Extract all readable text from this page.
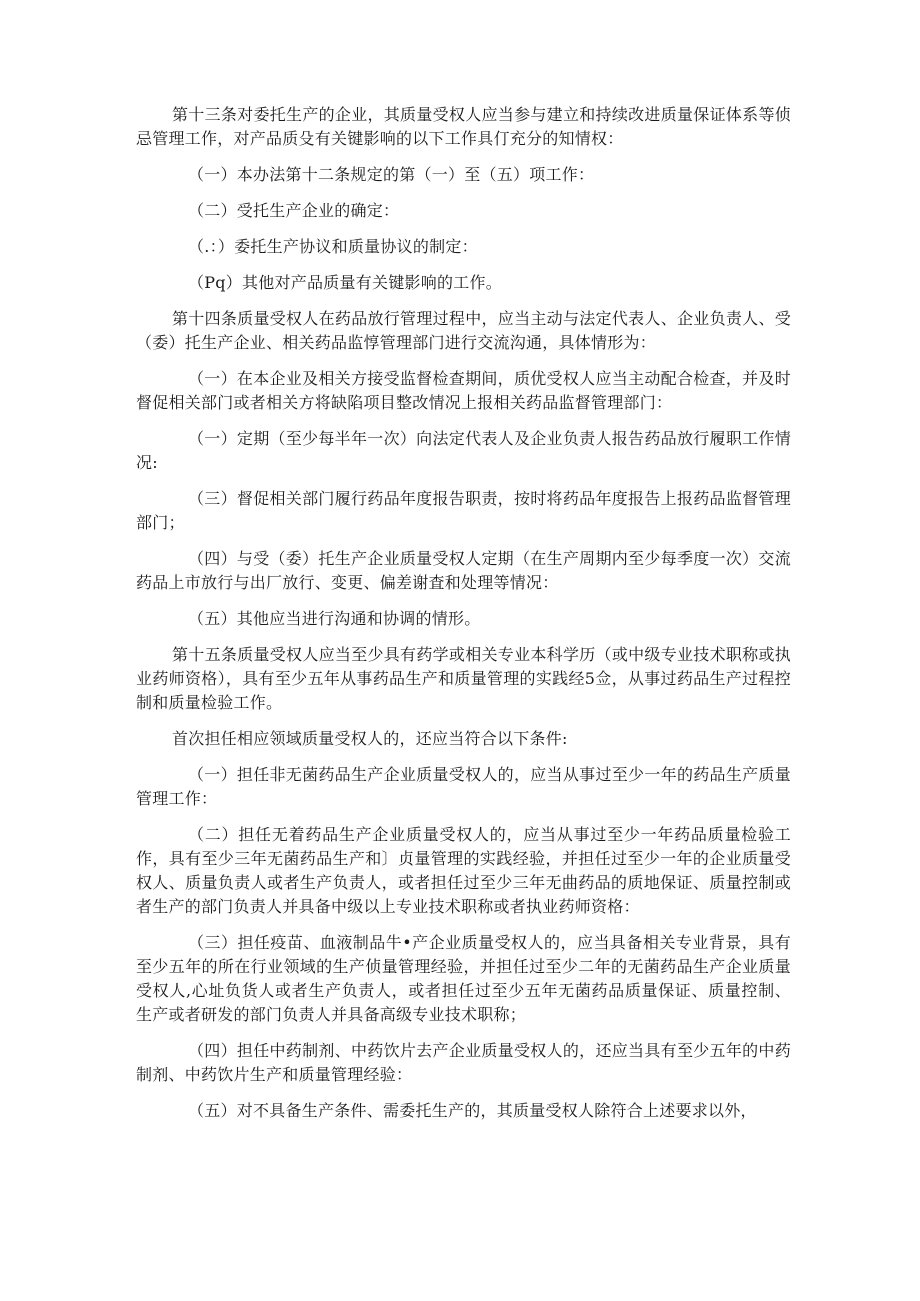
第十三条对委托生产的企业，其质量受权人应当参与建立和持续改进质量保证体系等侦忌管理工作，对产品质殳有关键影响的以下工作具仃充分的知情权：

（一）本办法第十二条规定的第（一）至（五）项工作：

（二）受托生产企业的确定：

（.：）委托生产协议和质量协议的制定：

（Pq）其他对产品质量有关键影响的工作。

第十四条质量受权人在药品放行管理过程中，应当主动与法定代表人、企业负责人、受（委）托生产企业、相关药品监惇管理部门进行交流沟通，具体情形为：

（一）在本企业及相关方接受监督检查期间，质优受权人应当主动配合检查，并及时督促相关部门或者相关方将缺陷项目整改情况上报相关药品监督管理部门：

（一）定期（至少每半年一次）向法定代表人及企业负责人报告药品放行履职工作情况:

（三）督促相关部门履行药品年度报告职责，按时将药品年度报告上报药品监督管理部门；

（四）与受（委）托生产企业质量受权人定期（在生产周期内至少每季度一次）交流药品上市放行与出厂放行、变更、偏差谢査和处理等情况：

（五）其他应当进行沟通和协调的情形。

第十五条质量受权人应当至少具有药学或相关专业本科学历（或中级专业技术职称或执业药师资格），具有至少五年从事药品生产和质量管理的实践经5佥，从事过药品生产过程控制和质量检验工作。

首次担任相应领域质量受权人的，还应当符合以下条件:

（一）担任非无菌药品生产企业质量受权人的，应当从事过至少一年的药品生产质量管理工作：

（二）担任无着药品生产企业质量受权人的，应当从事过至少一年药品质量检验工作，具有至少三年无菌药品生产和〕贞量管理的实践经验，并担任过至少一年的企业质量受权人、质量负责人或者生产负责人，或者担任过至少三年无曲药品的质地保证、质量控制或者生产的部门负责人并具备中级以上专业技术职称或者执业药师资格：

（三）担任疫苗、血液制品牛•产企业质量受权人的，应当具备相关专业背景，具有至少五年的所在行业领域的生产侦量管理经验，并担任过至少二年的无菌药品生产企业质量受权人,心址负货人或者生产负责人，或者担任过至少五年无菌药品质量保证、质量控制、生产或者研发的部门负责人并具备高级专业技术职称；

（四）担任中药制剂、中药饮片去产企业质量受权人的，还应当具有至少五年的中药制剂、中药饮片生产和质量管理经验：

（五）对不具备生产条件、需委托生产的，其质量受权人除符合上述要求以外，
